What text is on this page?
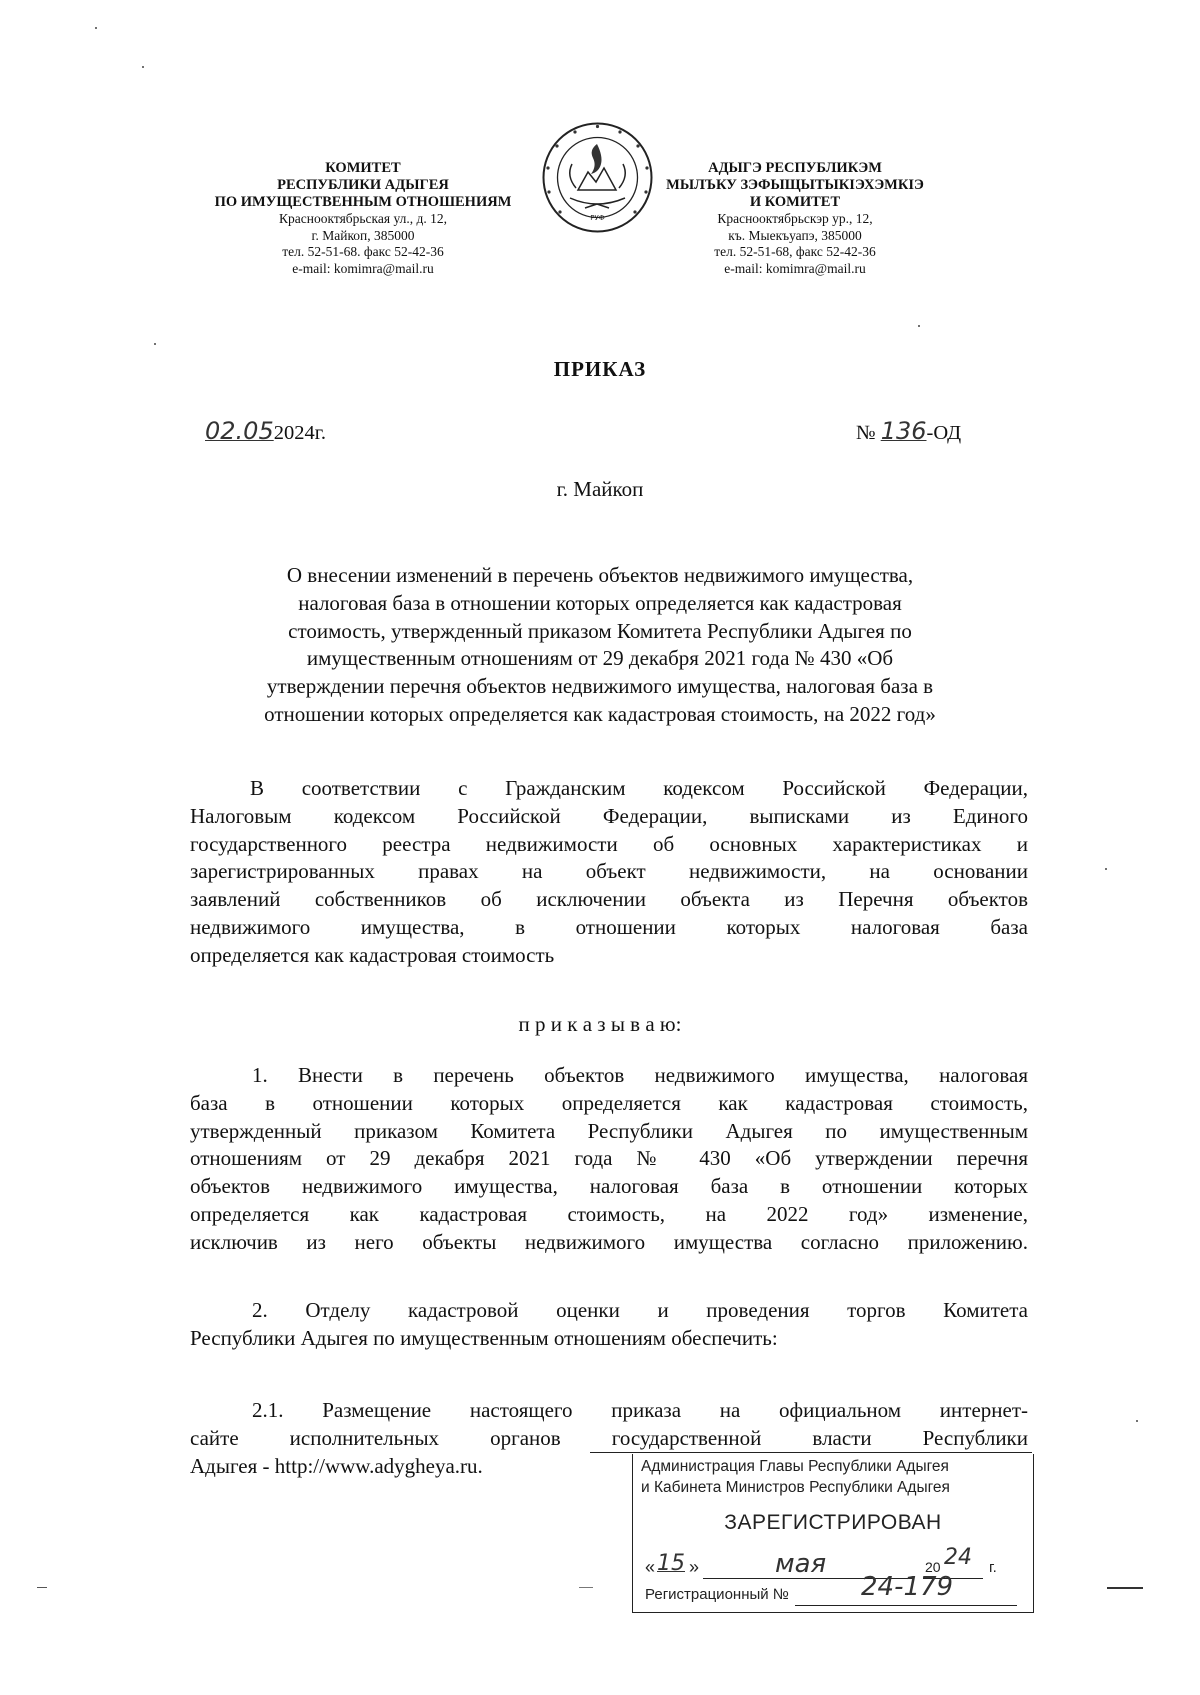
КОМИТЕТ
РЕСПУБЛИКИ АДЫГЕЯ
ПО ИМУЩЕСТВЕННЫМ ОТНОШЕНИЯМ
Краснооктябрьская ул., д. 12,
г. Майкоп, 385000
тел. 52-51-68. факс 52-42-36
e-mail: komimra@mail.ru
РУФ
АДЫГЭ РЕСПУБЛИКЭМ
МЫЛЪКУ ЗЭФЫЩЫТЫКIЭХЭМКIЭ
И КОМИТЕТ
Краснооктябрьскэр ур., 12,
къ. Мыекъуапэ, 385000
тел. 52-51-68, факс 52-42-36
e-mail: komimra@mail.ru
ПРИКАЗ
02.052024г.	№ 136-ОД
г. Майкоп
О внесении изменений в перечень объектов недвижимого имущества,
налоговая база в отношении которых определяется как кадастровая
стоимость, утвержденный приказом Комитета Республики Адыгея по
имущественным отношениям от 29 декабря 2021 года № 430 «Об
утверждении перечня объектов недвижимого имущества, налоговая база в
отношении которых определяется как кадастровая стоимость, на 2022 год»
В соответствии с Гражданским кодексом Российской Федерации,
Налоговым кодексом Российской Федерации, выписками из Единого
государственного реестра недвижимости об основных характеристиках и
зарегистрированных правах на объект недвижимости, на основании
заявлений собственников об исключении объекта из Перечня объектов
недвижимого имущества, в отношении которых налоговая база
определяется как кадастровая стоимость
п р и к а з ы в а ю:
1. Внести в перечень объектов недвижимого имущества, налоговая
база в отношении которых определяется как кадастровая стоимость,
утвержденный приказом Комитета Республики Адыгея по имущественным
отношениям от 29 декабря 2021 года № 430 «Об утверждении перечня
объектов недвижимого имущества, налоговая база в отношении которых
определяется как кадастровая стоимость, на 2022 год» изменение,
исключив из него объекты недвижимого имущества согласно приложению.
2. Отделу кадастровой оценки и проведения торгов Комитета
Республики Адыгея по имущественным отношениям обеспечить:
2.1. Размещение настоящего приказа на официальном интернет-
сайте исполнительных органов государственной власти Республики
Адыгея - http://www.adygheya.ru.	Администрация Главы Республики Адыгея
и Кабинета Министров Республики Адыгея
ЗАРЕГИСТРИРОВАН
« 15 »	мая	20 24 г.
Регистрационный №	24-179
